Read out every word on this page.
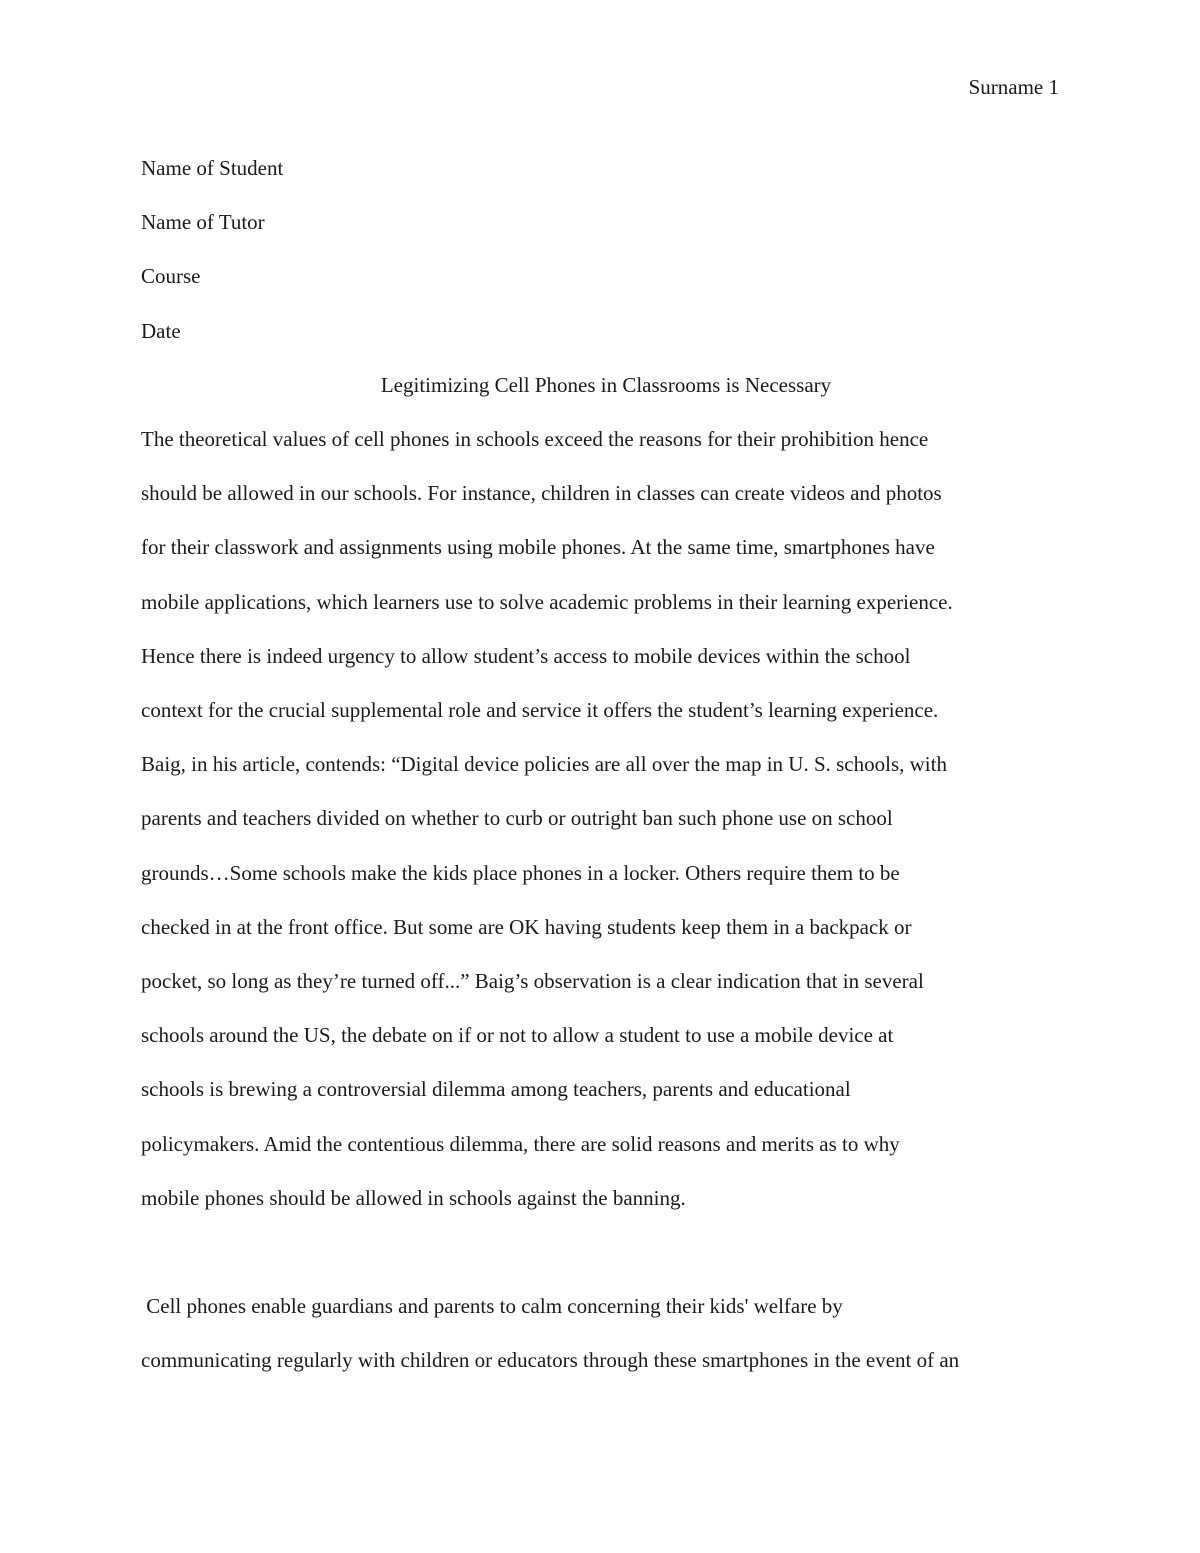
Surname 1
Name of Student
Name of Tutor
Course
Date
Legitimizing Cell Phones in Classrooms is Necessary
The theoretical values of cell phones in schools exceed the reasons for their prohibition hence
should be allowed in our schools. For instance, children in classes can create videos and photos
for their classwork and assignments using mobile phones. At the same time, smartphones have
mobile applications, which learners use to solve academic problems in their learning experience.
Hence there is indeed urgency to allow student’s access to mobile devices within the school
context for the crucial supplemental role and service it offers the student’s learning experience.
Baig, in his article, contends: “Digital device policies are all over the map in U. S. schools, with
parents and teachers divided on whether to curb or outright ban such phone use on school
grounds…Some schools make the kids place phones in a locker. Others require them to be
checked in at the front office. But some are OK having students keep them in a backpack or
pocket, so long as they’re turned off...” Baig’s observation is a clear indication that in several
schools around the US, the debate on if or not to allow a student to use a mobile device at
schools is brewing a controversial dilemma among teachers, parents and educational
policymakers. Amid the contentious dilemma, there are solid reasons and merits as to why
mobile phones should be allowed in schools against the banning.
Cell phones enable guardians and parents to calm concerning their kids' welfare by
communicating regularly with children or educators through these smartphones in the event of an
